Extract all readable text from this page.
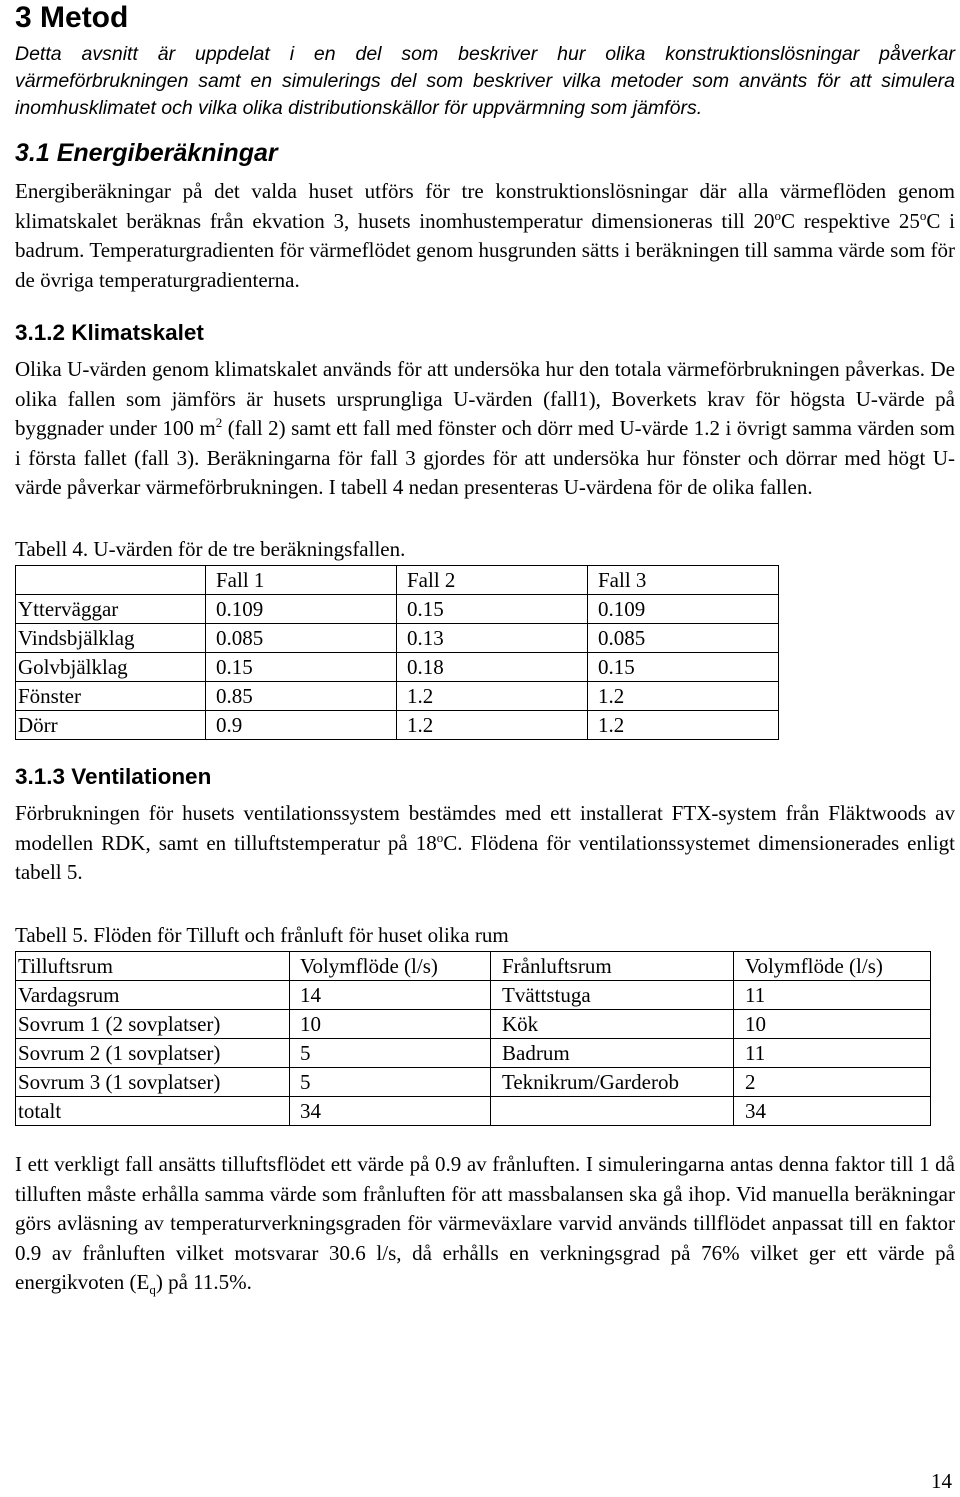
3 Metod

Detta avsnitt är uppdelat i en del som beskriver hur olika konstruktionslösningar påverkar värmeförbrukningen samt en simulerings del som beskriver vilka metoder som använts för att simulera inomhusklimatet och vilka olika distributionskällor för uppvärmning som jämförs.

3.1 Energiberäkningar

Energiberäkningar på det valda huset utförs för tre konstruktionslösningar där alla värmeflöden genom klimatskalet beräknas från ekvation 3, husets inomhustemperatur dimensioneras till 20$^o$C respektive 25$^o$C i badrum. Temperaturgradienten för värmeflödet genom husgrunden sätts i beräkningen till samma värde som för de övriga temperaturgradienterna.

3.1.2 Klimatskalet

Olika U-värden genom klimatskalet används för att undersöka hur den totala värmeförbrukningen påverkas. De olika fallen som jämförs är husets ursprungliga U-värden (fall1), Boverkets krav för högsta U-värde på byggnader under 100 $m^2$ (fall 2) samt ett fall med fönster och dörr med U-värde 1.2 i övrigt samma värden som i första fallet (fall 3). Beräkningarna för fall 3 gjordes för att undersöka hur fönster och dörrar med högt U-värde påverkar värmeförbrukningen. I tabell 4 nedan presenteras U-värdena för de olika fallen.

Tabell 4. U-värden för de tre beräkningsfallen.

	Fall 1	Fall 2	Fall 3
Ytterväggar	0.109	0.15	0.109
Vindsbjälklag	0.085	0.13	0.085
Golvbjälklag	0.15	0.18	0.15
Fönster	0.85	1.2	1.2
Dörr	0.9	1.2	1.2
3.1.3 Ventilationen

Förbrukningen för husets ventilationssystem bestämdes med ett installerat FTX-system från Fläktwoods av modellen RDK, samt en tilluftstemperatur på 18$^o$C. Flödena för ventilationssystemet dimensionerades enligt tabell 5.

Tabell 5. Flöden för Tilluft och frånluft för huset olika rum

Tilluftsrum	Volymflöde (l/s)	Frånluftsrum	Volymflöde (l/s)
Vardagsrum	14	Tvättstuga	11
Sovrum 1 (2 sovplatser)	10	Kök	10
Sovrum 2 (1 sovplatser)	5	Badrum	11
Sovrum 3 (1 sovplatser)	5	Teknikrum/Garderob	2
totalt	34		34

I ett verkligt fall ansätts tilluftsflödet ett värde på 0.9 av frånluften. I simuleringarna antas denna faktor till 1 då tilluften måste erhålla samma värde som frånluften för att massbalansen ska gå ihop. Vid manuella beräkningar görs avläsning av temperaturverkningsgraden för värmeväxlare varvid används tillflödet anpassat till en faktor 0.9 av frånluften vilket motsvarar 30.6 l/s, då erhålls en verkningsgrad på 76% vilket ger ett värde på energikvoten $(E_q)$ på 11.5%.

14
